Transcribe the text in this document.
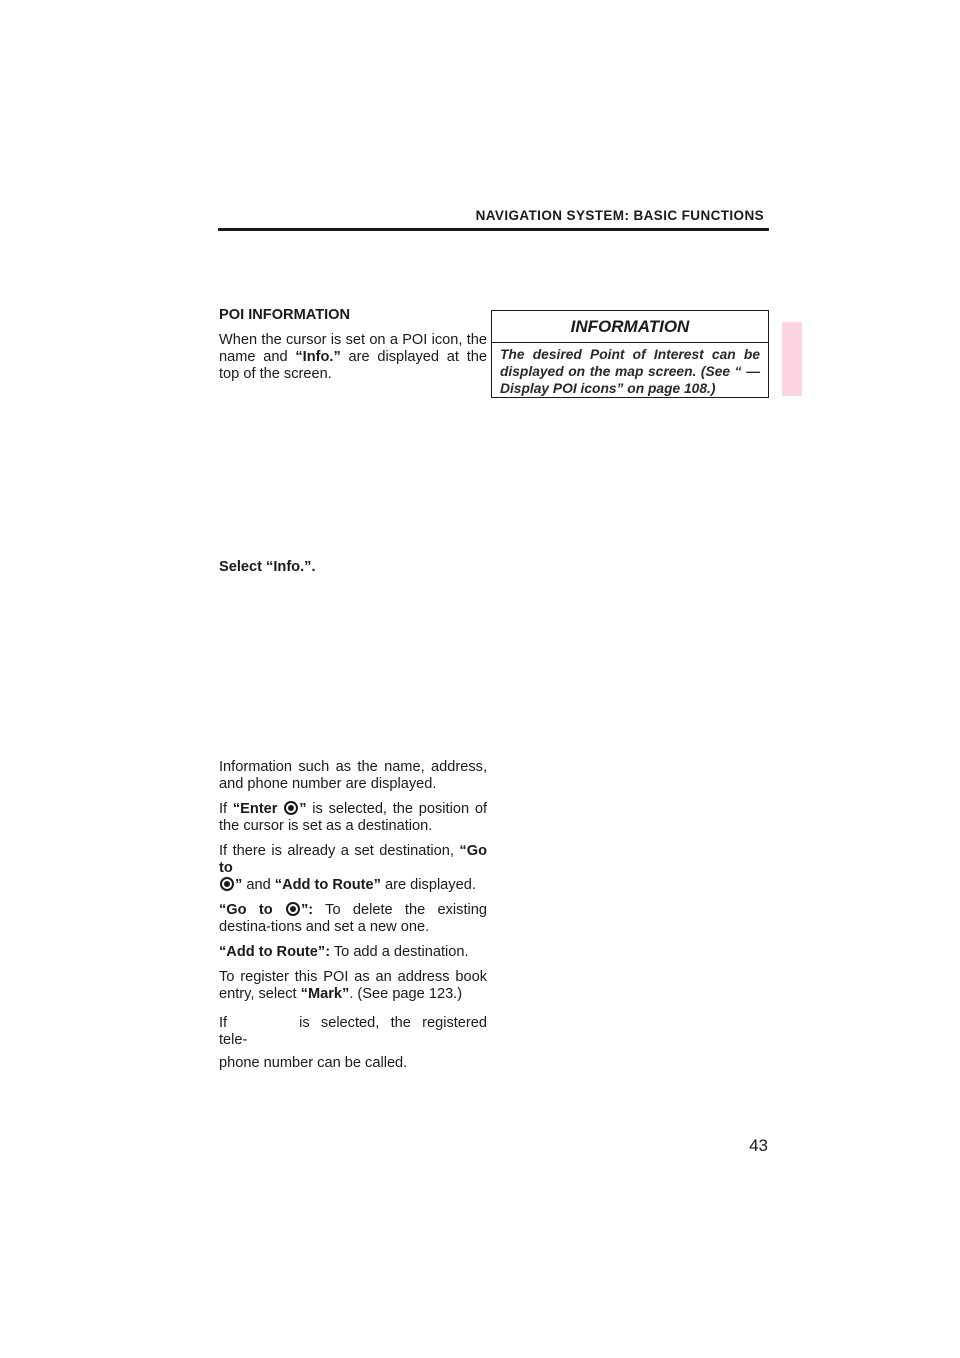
NAVIGATION SYSTEM: BASIC FUNCTIONS

POI INFORMATION

When the cursor is set on a POI icon, the name and “Info.” are displayed at the top of the screen.

Select “Info.”.

Information such as the name, address, and phone number are displayed.

If “Enter ” is selected, the position of the cursor is set as a destination.

If there is already a set destination, “Go to
” and “Add to Route” are displayed.

“Go to ”: To delete the existing destina-tions and set a new one.

“Add to Route”: To add a destination.

To register this POI as an address book entry, select “Mark”. (See page 123.)

If	is selected, the registered tele-

phone number can be called.

INFORMATION
The desired Point of Interest can be displayed on the map screen. (See “ — Display POI icons” on page 108.)
43
